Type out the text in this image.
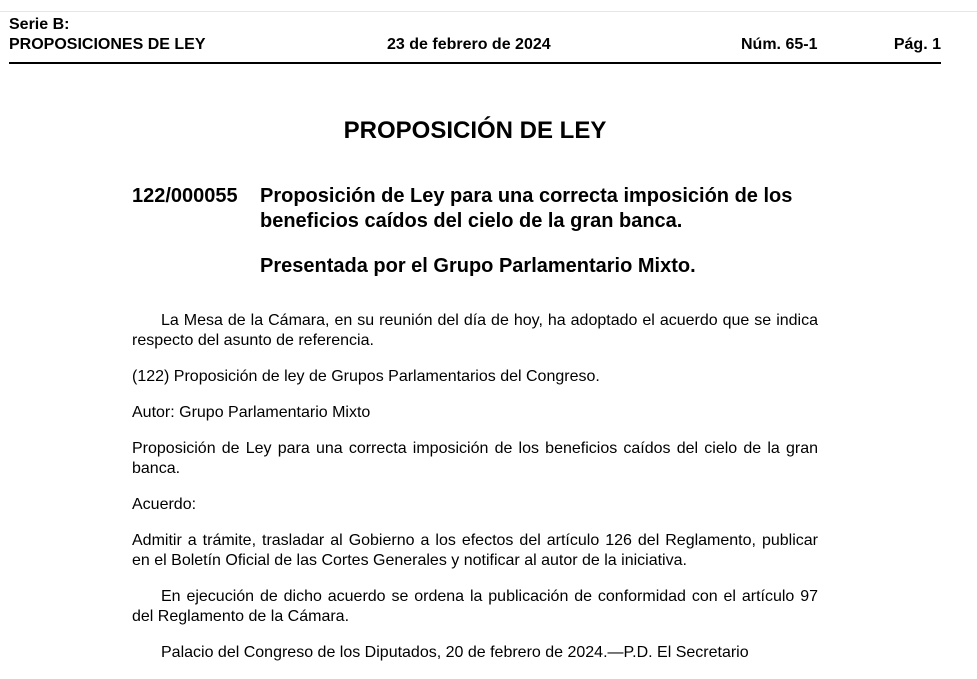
Serie B:
PROPOSICIONES DE LEY	23 de febrero de 2024	Núm. 65-1	Pág. 1
PROPOSICIÓN DE LEY
122/000055 Proposición de Ley para una correcta imposición de los beneficios caídos del cielo de la gran banca.
Presentada por el Grupo Parlamentario Mixto.

La Mesa de la Cámara, en su reunión del día de hoy, ha adoptado el acuerdo que se indica respecto del asunto de referencia.

(122) Proposición de ley de Grupos Parlamentarios del Congreso.

Autor: Grupo Parlamentario Mixto

Proposición de Ley para una correcta imposición de los beneficios caídos del cielo de la gran banca.

Acuerdo:

Admitir a trámite, trasladar al Gobierno a los efectos del artículo 126 del Reglamento, publicar en el Boletín Oficial de las Cortes Generales y notificar al autor de la iniciativa.

En ejecución de dicho acuerdo se ordena la publicación de conformidad con el artículo 97 del Reglamento de la Cámara.

Palacio del Congreso de los Diputados, 20 de febrero de 2024.—P.D. El Secretario
